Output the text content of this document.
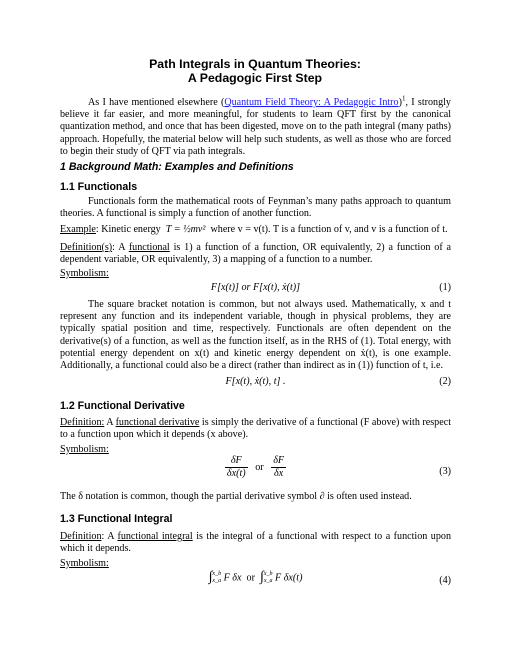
Path Integrals in Quantum Theories:
A Pedagogic First Step
As I have mentioned elsewhere (Quantum Field Theory: A Pedagogic Intro)$^1$, I strongly believe it far easier, and more meaningful, for students to learn QFT first by the canonical quantization method, and once that has been digested, move on to the path integral (many paths) approach. Hopefully, the material below will help such students, as well as those who are forced to begin their study of QFT via path integrals.
1 Background Math: Examples and Definitions
1.1 Functionals
Functionals form the mathematical roots of Feynman’s many paths approach to quantum theories. A functional is simply a function of another function.
Example: Kinetic energy T = ½mv² where v = v(t). T is a function of v, and v is a function of t.
Definition(s): A functional is 1) a function of a function, OR equivalently, 2) a function of a dependent variable, OR equivalently, 3) a mapping of a function to a number.
Symbolism:
F[x(t)] or F[x(t), ẋ(t)]	(1)
The square bracket notation is common, but not always used. Mathematically, x and t represent any function and its independent variable, though in physical problems, they are typically spatial position and time, respectively. Functionals are often dependent on the derivative(s) of a function, as well as the function itself, as in the RHS of (1). Total energy, with potential energy dependent on x(t) and kinetic energy dependent on ẋ(t), is one example. Additionally, a functional could also be a direct (rather than indirect as in (1)) function of t, i.e.
F[x(t), ẋ(t), t] .	(2)
1.2 Functional Derivative
Definition: A functional derivative is simply the derivative of a functional (F above) with respect to a function upon which it depends (x above).
Symbolism:
$\frac{\delta F}{\delta x(t)}$ or $\frac{\delta F}{\delta x}$	(3)
The δ notation is common, though the partial derivative symbol ∂ is often used instead.
1.3 Functional Integral
Definition: A functional integral is the integral of a functional with respect to a function upon which it depends.
Symbolism:
∫ x_b
x_a F δx or ∫ x_b
x_a F δx(t)	(4)
